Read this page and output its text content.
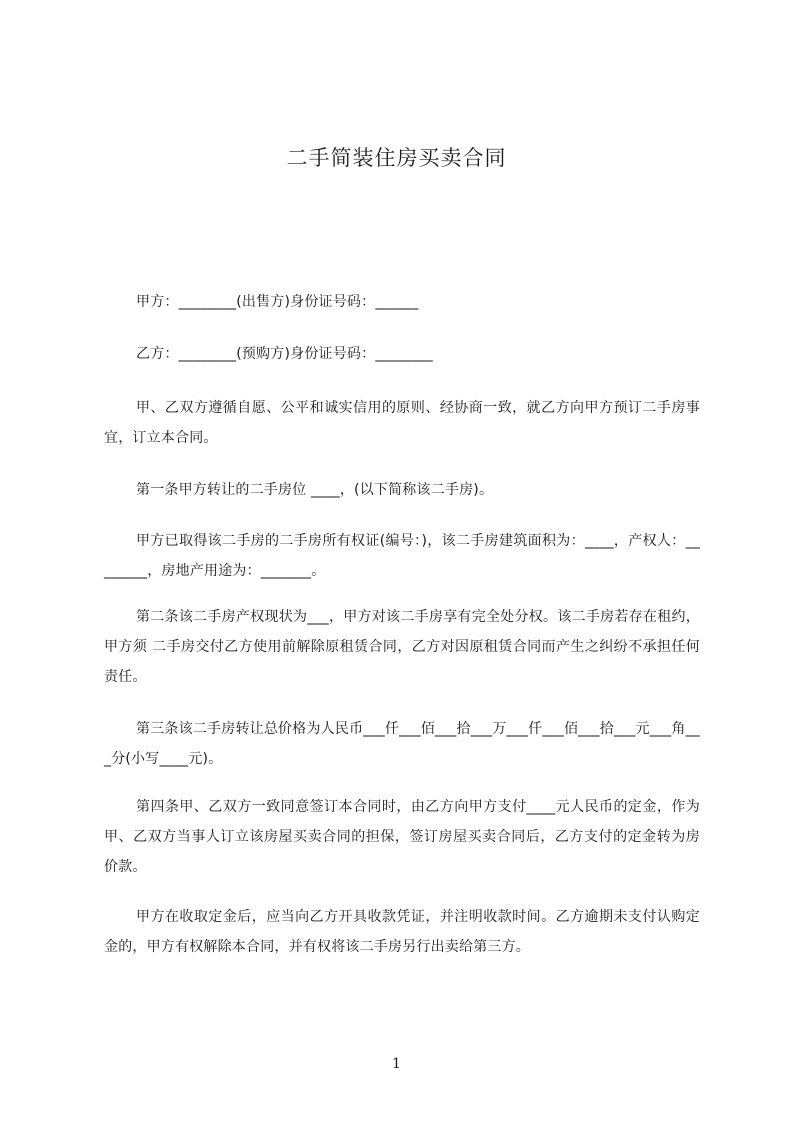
二手简装住房买卖合同
甲方：________(出售方)身份证号码：______
乙方：________(预购方)身份证号码：________
甲、乙双方遵循自愿、公平和诚实信用的原则、经协商一致，就乙方向甲方预订二手房事宜，订立本合同。
第一条甲方转让的二手房位 ____，(以下简称该二手房)。
甲方已取得该二手房的二手房所有权证(编号：)，该二手房建筑面积为：____，产权人：________，房地产用途为：_______。
第二条该二手房产权现状为___，甲方对该二手房享有完全处分权。该二手房若存在租约，甲方须 二手房交付乙方使用前解除原租赁合同，乙方对因原租赁合同而产生之纠纷不承担任何责任。
第三条该二手房转让总价格为人民币___仟___佰___拾___万___仟___佰___拾___元___角___分(小写____元)。
第四条甲、乙双方一致同意签订本合同时，由乙方向甲方支付____元人民币的定金，作为甲、乙双方当事人订立该房屋买卖合同的担保，签订房屋买卖合同后，乙方支付的定金转为房价款。
甲方在收取定金后，应当向乙方开具收款凭证，并注明收款时间。乙方逾期未支付认购定金的，甲方有权解除本合同，并有权将该二手房另行出卖给第三方。
1
